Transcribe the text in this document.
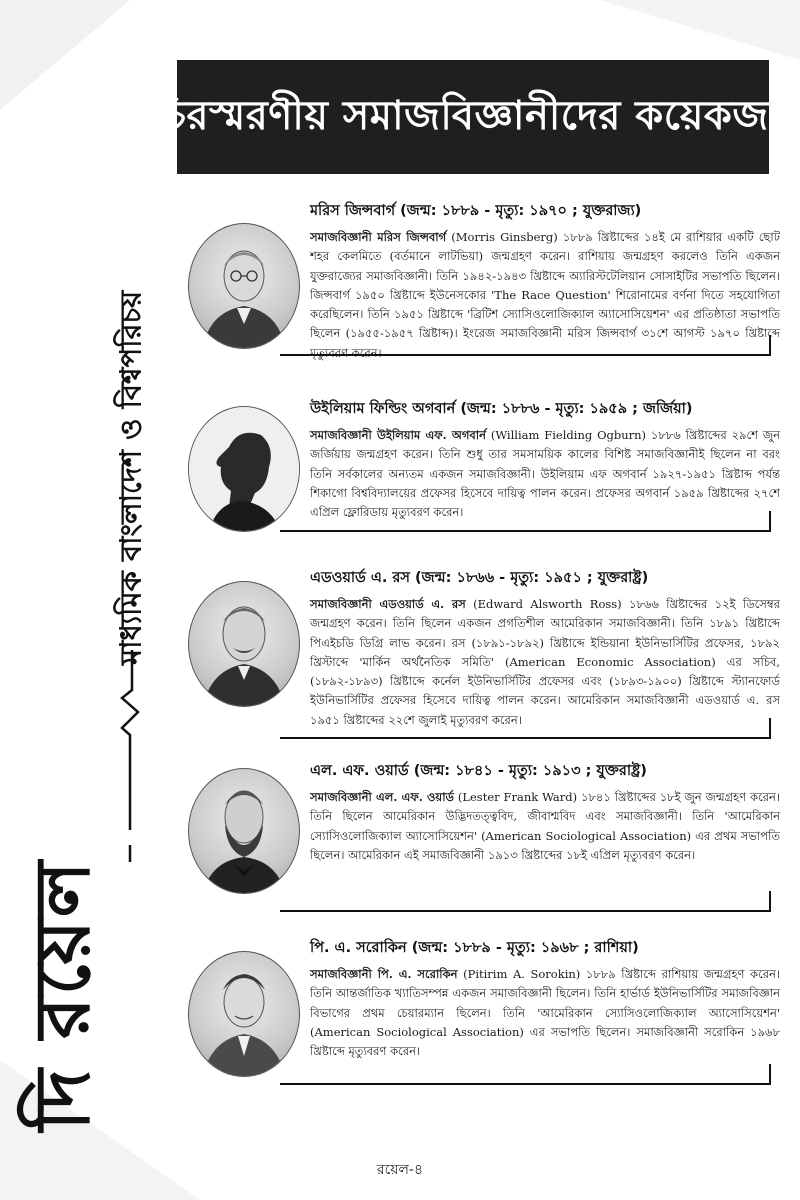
চিরস্মরণীয় সমাজবিজ্ঞানীদের কয়েকজন
মাধ্যমিক বাংলাদেশ ও বিশ্বপরিচয়
দি রয়েল

মরিস জিন্সবার্গ (জন্ম: ১৮৮৯ - মৃত্যু: ১৯৭০ ; যুক্তরাজ্য)

সমাজবিজ্ঞানী মরিস জিন্সবার্গ (Morris Ginsberg) ১৮৮৯ খ্রিষ্টাব্দের ১৪ই মে রাশিয়ার একটি ছোট শহর কেলমিতে (বর্তমানে লাটভিয়া) জন্মগ্রহণ করেন। রাশিয়ায় জন্মগ্রহণ করলেও তিনি একজন যুক্তরাজ্যের সমাজবিজ্ঞানী। তিনি ১৯৪২-১৯৪৩ খ্রিষ্টাব্দে অ্যারিস্টটেলিয়ান সোসাইটির সভাপতি ছিলেন। জিন্সবার্গ ১৯৫০ খ্রিষ্টাব্দে ইউনেসকোর 'The Race Question' শিরোনামের বর্ণনা দিতে সহযোগিতা করেছিলেন। তিনি ১৯৫১ খ্রিষ্টাব্দে 'ব্রিটিশ স্যোসিওলোজিক্যাল অ্যাসোসিয়েশন' এর প্রতিষ্ঠাতা সভাপতি ছিলেন (১৯৫৫-১৯৫৭ খ্রিষ্টাব্দ)। ইংরেজ সমাজবিজ্ঞানী মরিস জিন্সবার্গ ৩১শে আগস্ট ১৯৭০ খ্রিষ্টাব্দে মৃত্যুবরণ করেন।

উইলিয়াম ফিল্ডিং অগবার্ন (জন্ম: ১৮৮৬ - মৃত্যু: ১৯৫৯ ; জর্জিয়া)

সমাজবিজ্ঞানী উইলিয়াম এফ. অগবার্ন (William Fielding Ogburn) ১৮৮৬ খ্রিষ্টাব্দের ২৯শে জুন জর্জিয়ায় জন্মগ্রহণ করেন। তিনি শুধু তার সমসাময়িক কালের বিশিষ্ট সমাজবিজ্ঞানীই ছিলেন না বরং তিনি সর্বকালের অন্যতম একজন সমাজবিজ্ঞানী। উইলিয়াম এফ অগবার্ন ১৯২৭-১৯৫১ খ্রিষ্টাব্দ পর্যন্ত শিকাগো বিশ্ববিদ্যালয়ের প্রফেসর হিসেবে দায়িত্ব পালন করেন। প্রফেসর অগবার্ন ১৯৫৯ খ্রিষ্টাব্দের ২৭শে এপ্রিল ফ্লোরিডায় মৃত্যুবরণ করেন।

এডওয়ার্ড এ. রস (জন্ম: ১৮৬৬ - মৃত্যু: ১৯৫১ ; যুক্তরাষ্ট্র)

সমাজবিজ্ঞানী এডওয়ার্ড এ. রস (Edward Alsworth Ross) ১৮৬৬ খ্রিষ্টাব্দের ১২ই ডিসেম্বর জন্মগ্রহণ করেন। তিনি ছিলেন একজন প্রগতিশীল আমেরিকান সমাজবিজ্ঞানী। তিনি ১৮৯১ খ্রিষ্টাব্দে পিএইচডি ডিগ্রি লাভ করেন। রস (১৮৯১-১৮৯২) খ্রিষ্টাব্দে ইন্ডিয়ানা ইউনিভার্সিটির প্রফেসর, ১৮৯২ খ্রিস্টাব্দে 'মার্কিন অর্থনৈতিক সমিতি' (American Economic Association) এর সচিব, (১৮৯২-১৮৯৩) খ্রিষ্টাব্দে কর্নেল ইউনিভার্সিটির প্রফেসর এবং (১৮৯৩-১৯০০) খ্রিষ্টাব্দে স্ট্যানফোর্ড ইউনিভার্সিটির প্রফেসর হিসেবে দায়িত্ব পালন করেন। আমেরিকান সমাজবিজ্ঞানী এডওয়ার্ড এ. রস ১৯৫১ খ্রিষ্টাব্দের ২২শে জুলাই মৃত্যুবরণ করেন।

এল. এফ. ওয়ার্ড (জন্ম: ১৮৪১ - মৃত্যু: ১৯১৩ ; যুক্তরাষ্ট্র)

সমাজবিজ্ঞানী এল. এফ. ওয়ার্ড (Lester Frank Ward) ১৮৪১ খ্রিষ্টাব্দের ১৮ই জুন জন্মগ্রহণ করেন। তিনি ছিলেন আমেরিকান উদ্ভিদতত্ত্ববিদ, জীবাশ্মবিদ এবং সমাজবিজ্ঞানী। তিনি 'আমেরিকান স্যোসিওলোজিক্যাল অ্যাসোসিয়েশন' (American Sociological Association) এর প্রথম সভাপতি ছিলেন। আমেরিকান এই সমাজবিজ্ঞানী ১৯১৩ খ্রিষ্টাব্দের ১৮ই এপ্রিল মৃত্যুবরণ করেন।

পি. এ. সরোকিন (জন্ম: ১৮৮৯ - মৃত্যু: ১৯৬৮ ; রাশিয়া)

সমাজবিজ্ঞানী পি. এ. সরোকিন (Pitirim A. Sorokin) ১৮৮৯ খ্রিষ্টাব্দে রাশিয়ায় জন্মগ্রহণ করেন। তিনি আন্তর্জাতিক খ্যাতিসম্পন্ন একজন সমাজবিজ্ঞানী ছিলেন। তিনি হার্ভার্ড ইউনিভার্সিটির সমাজবিজ্ঞান বিভাগের প্রথম চেয়ারম্যান ছিলেন। তিনি 'আমেরিকান স্যোসিওলোজিক্যাল অ্যাসোসিয়েশন' (American Sociological Association) এর সভাপতি ছিলেন। সমাজবিজ্ঞানী সরোকিন ১৯৬৮ খ্রিষ্টাব্দে মৃত্যুবরণ করেন।

রয়েল-৪
